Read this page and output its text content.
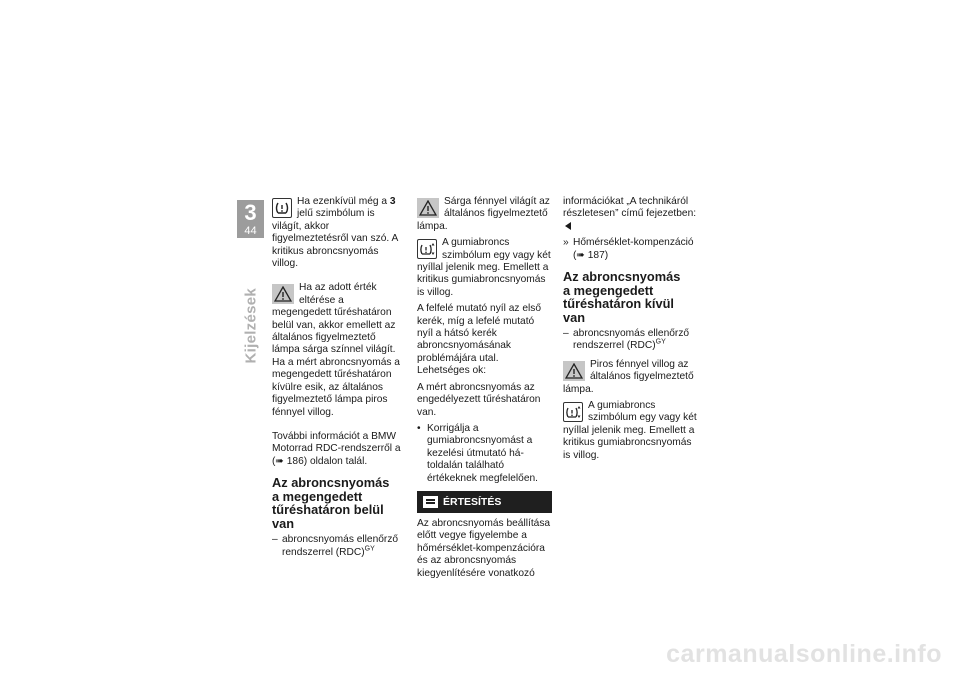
3
44
Kijelzések
Ha ezenkívül még a 3 jelű szimbólum is világít, akkor figyelmeztetésről van szó. A kritikus abroncsnyomás villog.
Ha az adott érték eltérése a megengedett tűréshatáron belül van, akkor emellett az általános figyelmeztető lámpa sárga színnel világít. Ha a mért abroncsnyomás a megengedett tűréshatáron kívülre esik, az általános figyelmeztető lámpa piros fénnyel villog.

További információt a BMW Motorrad RDC-rendszerről a (➠ 186) oldalon talál.

Az abroncsnyomás
a megengedett
tűréshatáron belül van
– abroncsnyomás ellenőrző rendszerrel (RDC)$^{GY}$
Sárga fénnyel világít az általános figyelmeztető lámpa.
A gumiabroncs szimbólum egy vagy két nyíllal jelenik meg. Emellett a kritikus gumiabroncsnyomás is villog.

A felfelé mutató nyíl az első kerék, míg a lefelé mutató nyíl a hátsó kerék abroncsnyomásának problémájára utal.
Lehetséges ok:

A mért abroncsnyomás az engedélyezett tűréshatáron van.

• Korrigálja a gumiabroncsnyomást a kezelési útmutató hátoldalán található értékeknek megfelelően.
ÉRTESÍTÉS

Az abroncsnyomás beállítása előtt vegye figyelembe a hőmérséklet-kompenzációra és az abroncsnyomás kiegyenlítésére vonatkozó

információkat „A technikáról részletesen” című fejezetben:

» Hőmérséklet-kompenzáció
(➠ 187)
Az abroncsnyomás
a megengedett
tűréshatáron kívül van
– abroncsnyomás ellenőrző rendszerrel (RDC)$^{GY}$
Piros fénnyel villog az általános figyelmeztető lámpa.
A gumiabroncs szimbólum egy vagy két nyíllal jelenik meg. Emellett a kritikus gumiabroncsnyomás is villog.
carmanualsonline.info
